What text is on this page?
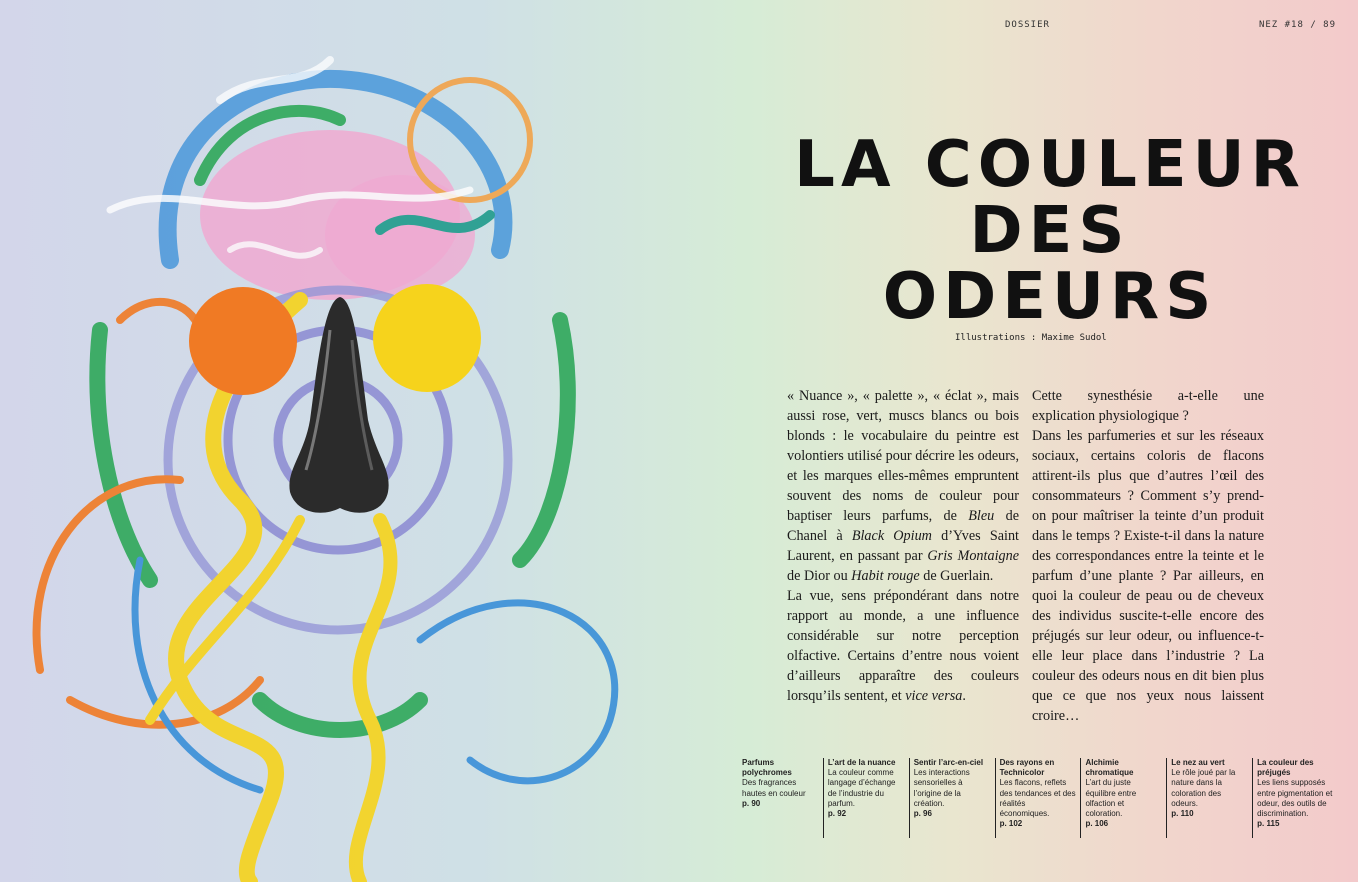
DOSSIER	NEZ #18 / 89
LA COULEUR
DES
ODEURS
Illustrations : Maxime Sudol

« Nuance », « palette », « éclat », mais aussi rose, vert, muscs blancs ou bois blonds : le vocabulaire du peintre est volontiers utilisé pour décrire les odeurs, et les marques elles-mêmes empruntent souvent des noms de couleur pour baptiser leurs parfums, de Bleu de Chanel à Black Opium d’Yves Saint Laurent, en passant par Gris Montaigne de Dior ou Habit rouge de Guerlain.

La vue, sens prépondérant dans notre rapport au monde, a une influence considérable sur notre perception olfactive. Certains d’entre nous voient d’ailleurs apparaître des couleurs lorsqu’ils sentent, et vice versa.

Cette synesthésie a-t-elle une explication physiologique ?

Dans les parfumeries et sur les réseaux sociaux, certains coloris de flacons attirent-ils plus que d’autres l’œil des consommateurs ? Comment s’y prend-on pour maîtriser la teinte d’un produit dans le temps ? Existe-t-il dans la nature des correspondances entre la teinte et le parfum d’une plante ? Par ailleurs, en quoi la couleur de peau ou de cheveux des individus suscite-t-elle encore des préjugés sur leur odeur, ou influence-t-elle leur place dans l’industrie ? La couleur des odeurs nous en dit bien plus que ce que nos yeux nous laissent croire…

Parfums polychromes
Des fragrances hautes en couleur
p. 90
L’art de la nuance
La couleur comme langage d’échange de l’industrie du parfum.
p. 92
Sentir l’arc-en-ciel
Les interactions sensorielles à l’origine de la création.
p. 96
Des rayons en Technicolor
Les flacons, reflets des tendances et des réalités économiques.
p. 102
Alchimie chromatique
L’art du juste équilibre entre olfaction et coloration.
p. 106
Le nez au vert
Le rôle joué par la nature dans la coloration des odeurs.
p. 110
La couleur des préjugés
Les liens supposés entre pigmentation et odeur, des outils de discrimination.
p. 115
